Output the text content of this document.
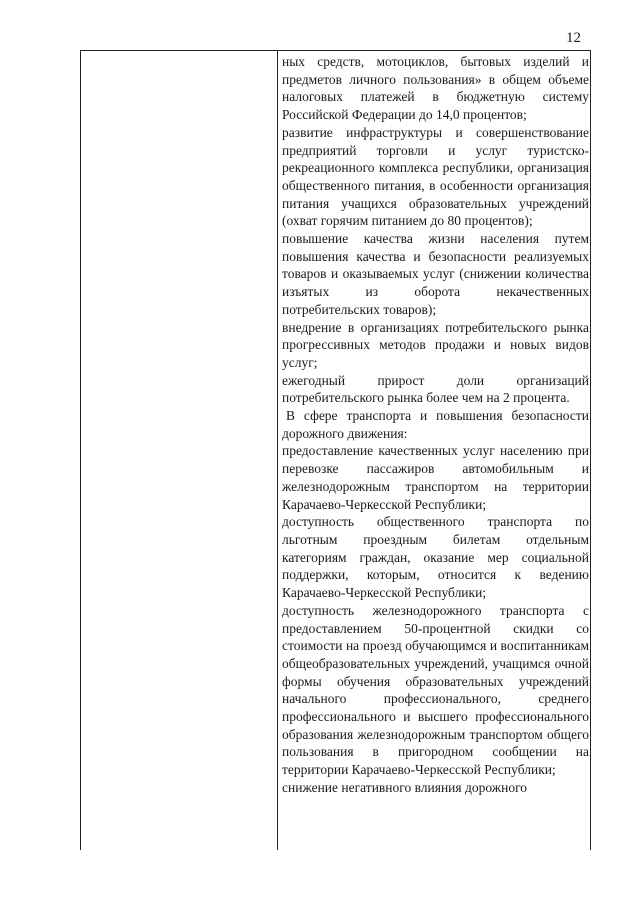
12

ных средств, мотоциклов, бытовых изделий и предметов личного пользования» в общем объеме налоговых платежей в бюджетную систему Российской Федерации до 14,0 процентов;

развитие инфраструктуры и совершенствование предприятий торговли и услуг туристско-рекреационного комплекса республики, организация общественного питания, в особенности организация питания учащихся образовательных учреждений (охват горячим питанием до 80 процентов);

повышение качества жизни населения путем повышения качества и безопасности реализуемых товаров и оказываемых услуг (снижении количества изъятых из оборота некачественных потребительских товаров);

внедрение в организациях потребительского рынка прогрессивных методов продажи и новых видов услуг;

ежегодный прирост доли организаций потребительского рынка более чем на 2 процента.

В сфере транспорта и повышения безопасности дорожного движения:

предоставление качественных услуг населению при перевозке пассажиров автомобильным и железнодорожным транспортом на территории Карачаево-Черкесской Республики;

доступность общественного транспорта по льготным проездным билетам отдельным категориям граждан, оказание мер социальной поддержки, которым, относится к ведению Карачаево-Черкесской Республики;

доступность железнодорожного транспорта с предоставлением 50-процентной скидки со стоимости на проезд обучающимся и воспитанникам общеобразовательных учреждений, учащимся очной формы обучения образовательных учреждений начального профессионального, среднего профессионального и высшего профессионального образования железнодорожным транспортом общего пользования в пригородном сообщении на территории Карачаево-Черкесской Республики;

снижение негативного влияния дорожного
